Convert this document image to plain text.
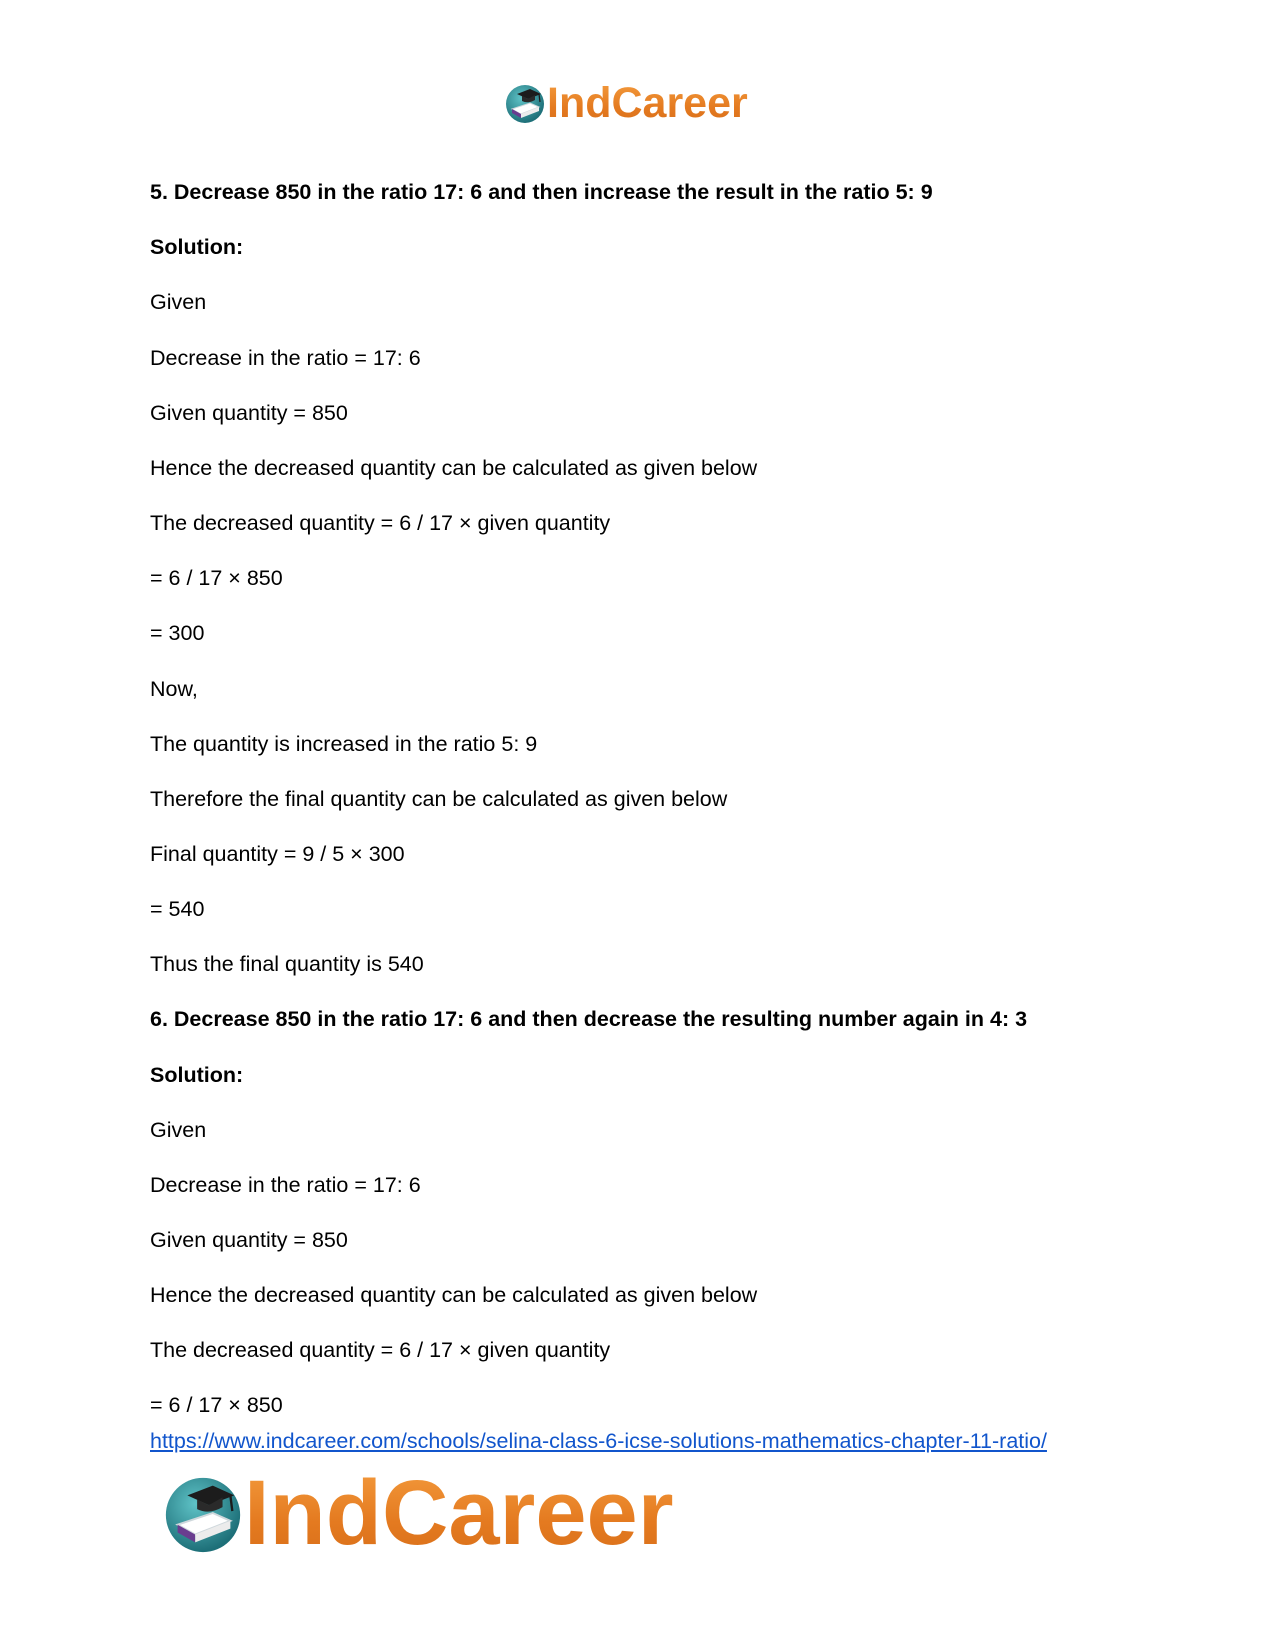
IndCareer
5. Decrease 850 in the ratio 17: 6 and then increase the result in the ratio 5: 9
Solution:
Given
Decrease in the ratio = 17: 6
Given quantity = 850
Hence the decreased quantity can be calculated as given below
The decreased quantity = 6 / 17 × given quantity
= 6 / 17 × 850
= 300
Now,
The quantity is increased in the ratio 5: 9
Therefore the final quantity can be calculated as given below
Final quantity = 9 / 5 × 300
= 540
Thus the final quantity is 540
6. Decrease 850 in the ratio 17: 6 and then decrease the resulting number again in 4: 3
Solution:
Given
Decrease in the ratio = 17: 6
Given quantity = 850
Hence the decreased quantity can be calculated as given below
The decreased quantity = 6 / 17 × given quantity
= 6 / 17 × 850
https://www.indcareer.com/schools/selina-class-6-icse-solutions-mathematics-chapter-11-ratio/
IndCareer
